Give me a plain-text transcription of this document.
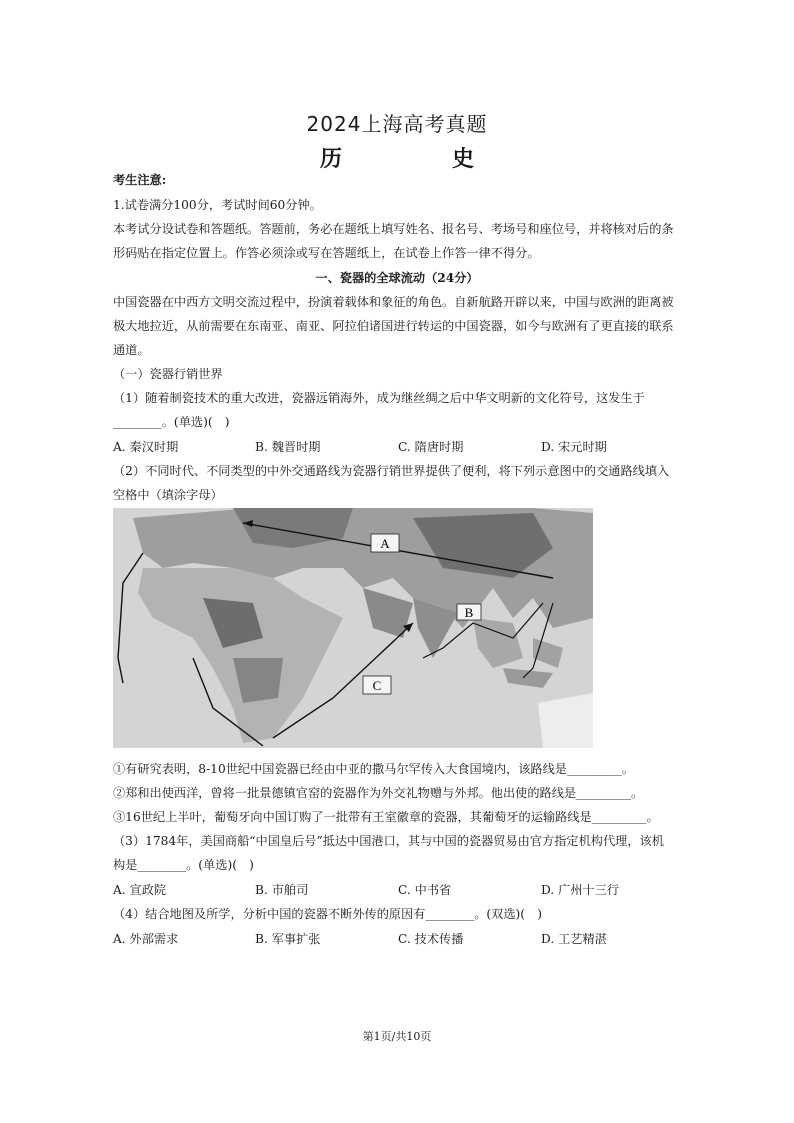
2024上海高考真题
历　　史
考生注意:
1.试卷满分100分，考试时间60分钟。
本考试分设试卷和答题纸。答题前，务必在题纸上填写姓名、报名号、考场号和座位号，并将核对后的条
形码贴在指定位置上。作答必须涂或写在答题纸上，在试卷上作答一律不得分。
一、瓷器的全球流动（24分）
中国瓷器在中西方文明交流过程中，扮演着载体和象征的角色。自新航路开辟以来，中国与欧洲的距离被
极大地拉近，从前需要在东南亚、南亚、阿拉伯诸国进行转运的中国瓷器，如今与欧洲有了更直接的联系
通道。
（一）瓷器行销世界
（1）随着制瓷技术的重大改进，瓷器远销海外，成为继丝绸之后中华文明新的文化符号，这发生于
________。(单选)(　)
A. 秦汉时期	B. 魏晋时期	C. 隋唐时期	D. 宋元时期
（2）不同时代、不同类型的中外交通路线为瓷器行销世界提供了便利，将下列示意图中的交通路线填入
空格中（填涂字母）
A
B
C
①有研究表明，8-10世纪中国瓷器已经由中亚的撒马尔罕传入大食国境内，该路线是_________。
②郑和出使西洋，曾将一批景德镇官窑的瓷器作为外交礼物赠与外邦。他出使的路线是_________。
③16世纪上半叶，葡萄牙向中国订购了一批带有王室徽章的瓷器，其葡萄牙的运输路线是_________。
（3）1784年，美国商船“中国皇后号”抵达中国港口，其与中国的瓷器贸易由官方指定机构代理，该机
构是________。(单选)(　)
A. 宣政院	B. 市舶司	C. 中书省	D. 广州十三行
（4）结合地图及所学，分析中国的瓷器不断外传的原因有________。(双选)(　)
A. 外部需求	B. 军事扩张	C. 技术传播	D. 工艺精湛
第1页/共10页
